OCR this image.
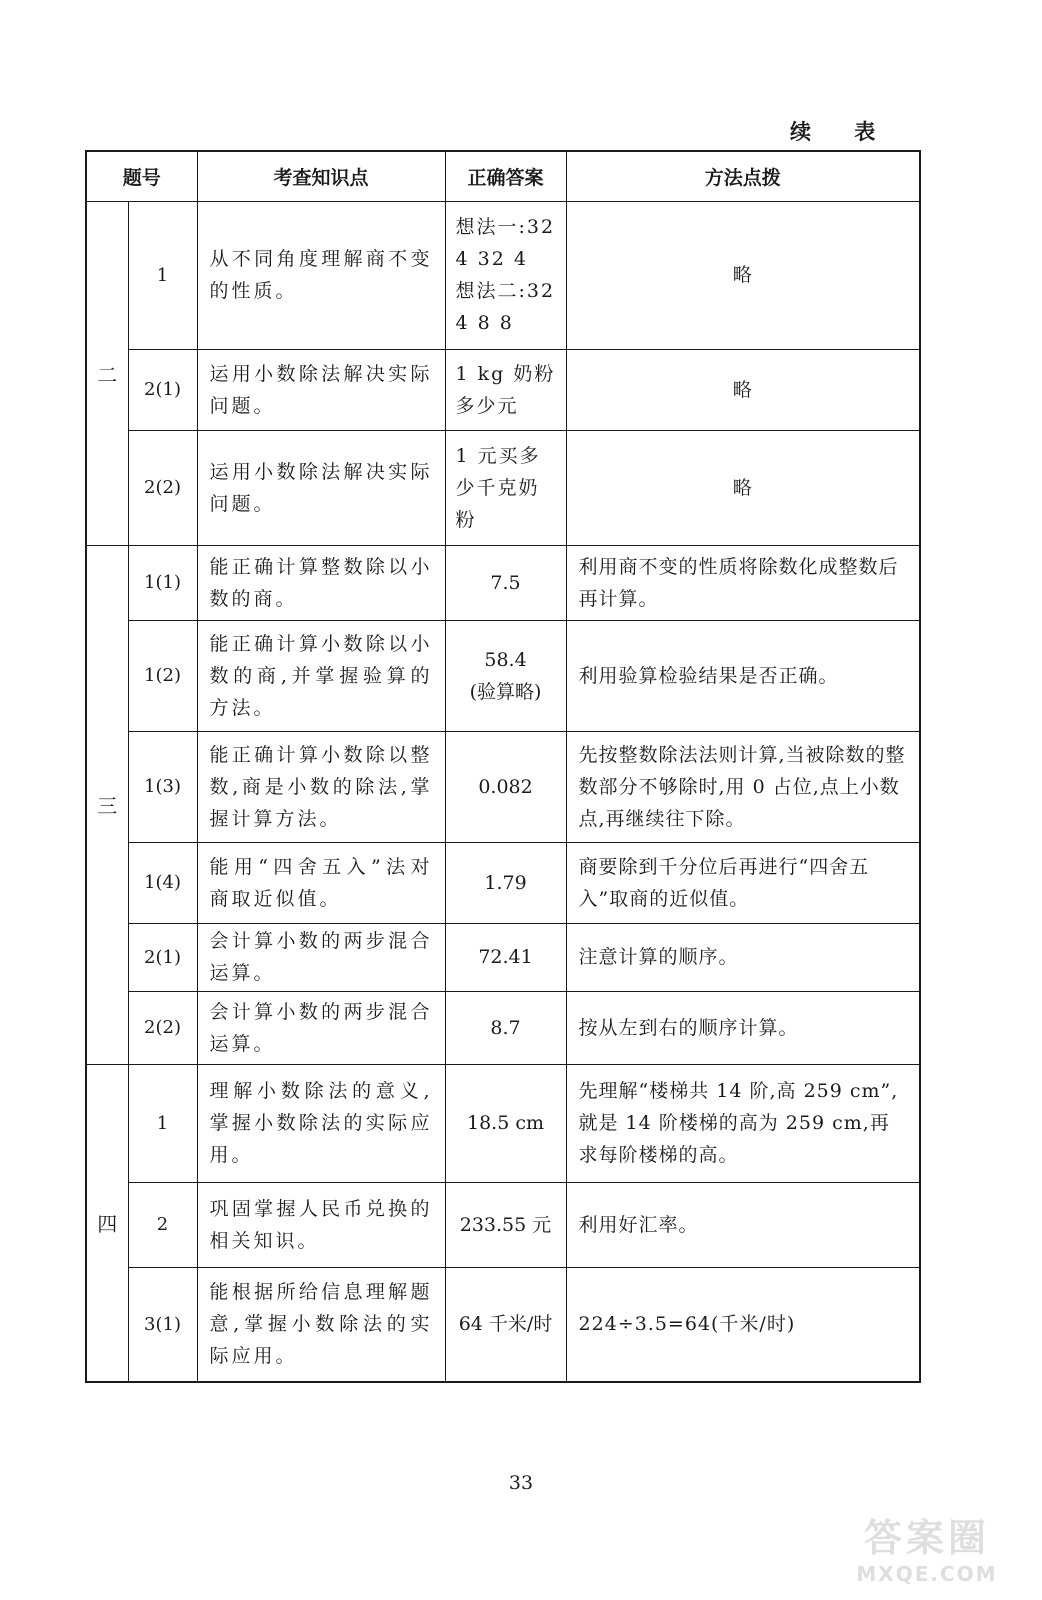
续 表
题号		考查知识点	正确答案	方法点拨
二	1	从不同角度理解商不变的性质。	想法一:32
4 32 4
想法二:32
4 8 8	略
	2(1)	运用小数除法解决实际问题。	1 kg 奶粉
多少元	略
	2(2)	运用小数除法解决实际问题。	1 元买多
少千克奶
粉	略
三	1(1)	能正确计算整数除以小数的商。	7.5	利用商不变的性质将除数化成整数后再计算。
	1(2)	能正确计算小数除以小数的商,并掌握验算的方法。	58.4
(验算略)	利用验算检验结果是否正确。
	1(3)	能正确计算小数除以整数,商是小数的除法,掌握计算方法。	0.082	先按整数除法法则计算,当被除数的整数部分不够除时,用 0 占位,点上小数点,再继续往下除。
	1(4)	能用“四舍五入”法对商取近似值。	1.79	商要除到千分位后再进行“四舍五入”取商的近似值。
	2(1)	会计算小数的两步混合运算。	72.41	注意计算的顺序。
	2(2)	会计算小数的两步混合运算。	8.7	按从左到右的顺序计算。
四	1	理解小数除法的意义,掌握小数除法的实际应用。	18.5 cm	先理解“楼梯共 14 阶,高 259 cm”,就是 14 阶楼梯的高为 259 cm,再求每阶楼梯的高。
	2	巩固掌握人民币兑换的相关知识。	233.55 元	利用好汇率。
	3(1)	能根据所给信息理解题意,掌握小数除法的实际应用。	64 千米/时	224÷3.5=64(千米/时)
33
答案圈
MXQE.COM
